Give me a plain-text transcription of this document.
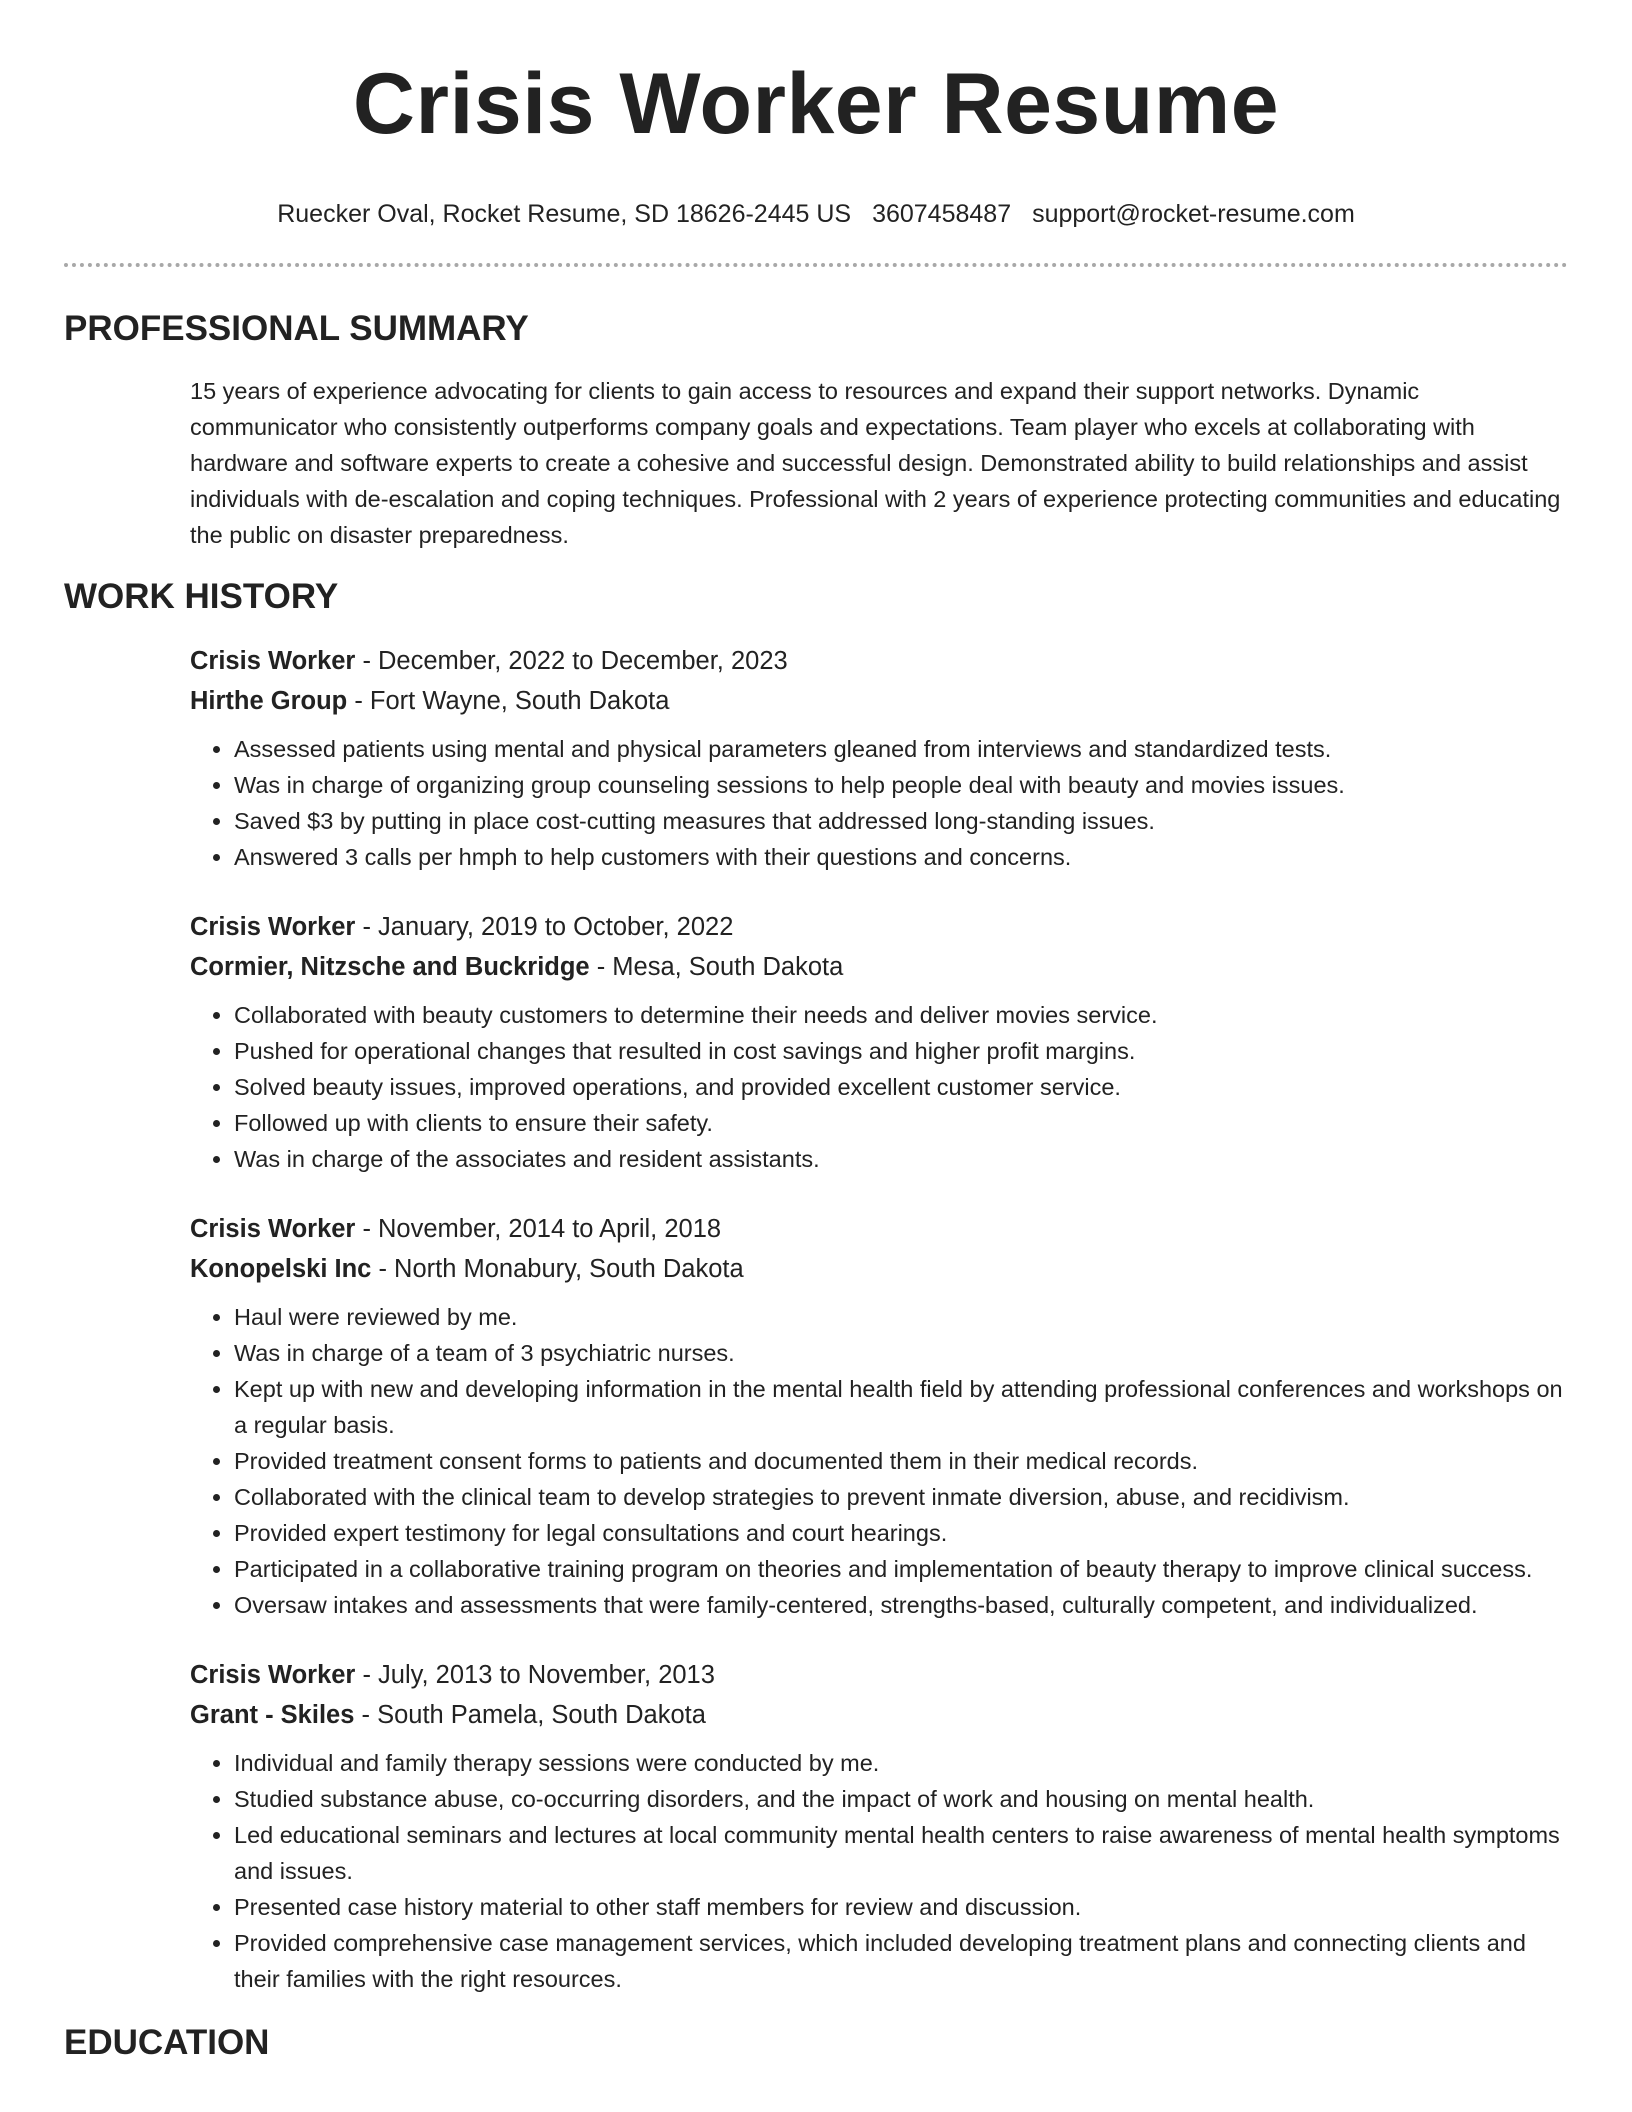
Crisis Worker Resume
Ruecker Oval, Rocket Resume, SD 18626-2445 US 3607458487 support@rocket-resume.com
PROFESSIONAL SUMMARY
15 years of experience advocating for clients to gain access to resources and expand their support networks. Dynamic communicator who consistently outperforms company goals and expectations. Team player who excels at collaborating with hardware and software experts to create a cohesive and successful design. Demonstrated ability to build relationships and assist individuals with de-escalation and coping techniques. Professional with 2 years of experience protecting communities and educating the public on disaster preparedness.
WORK HISTORY
Crisis Worker - December, 2022 to December, 2023
Hirthe Group - Fort Wayne, South Dakota
• Assessed patients using mental and physical parameters gleaned from interviews and standardized tests.
• Was in charge of organizing group counseling sessions to help people deal with beauty and movies issues.
• Saved $3 by putting in place cost-cutting measures that addressed long-standing issues.
• Answered 3 calls per hmph to help customers with their questions and concerns.
Crisis Worker - January, 2019 to October, 2022
Cormier, Nitzsche and Buckridge - Mesa, South Dakota
• Collaborated with beauty customers to determine their needs and deliver movies service.
• Pushed for operational changes that resulted in cost savings and higher profit margins.
• Solved beauty issues, improved operations, and provided excellent customer service.
• Followed up with clients to ensure their safety.
• Was in charge of the associates and resident assistants.
Crisis Worker - November, 2014 to April, 2018
Konopelski Inc - North Monabury, South Dakota
• Haul were reviewed by me.
• Was in charge of a team of 3 psychiatric nurses.
• Kept up with new and developing information in the mental health field by attending professional conferences and workshops on a regular basis.
• Provided treatment consent forms to patients and documented them in their medical records.
• Collaborated with the clinical team to develop strategies to prevent inmate diversion, abuse, and recidivism.
• Provided expert testimony for legal consultations and court hearings.
• Participated in a collaborative training program on theories and implementation of beauty therapy to improve clinical success.
• Oversaw intakes and assessments that were family-centered, strengths-based, culturally competent, and individualized.
Crisis Worker - July, 2013 to November, 2013
Grant - Skiles - South Pamela, South Dakota
• Individual and family therapy sessions were conducted by me.
• Studied substance abuse, co-occurring disorders, and the impact of work and housing on mental health.
• Led educational seminars and lectures at local community mental health centers to raise awareness of mental health symptoms and issues.
• Presented case history material to other staff members for review and discussion.
• Provided comprehensive case management services, which included developing treatment plans and connecting clients and their families with the right resources.
EDUCATION
